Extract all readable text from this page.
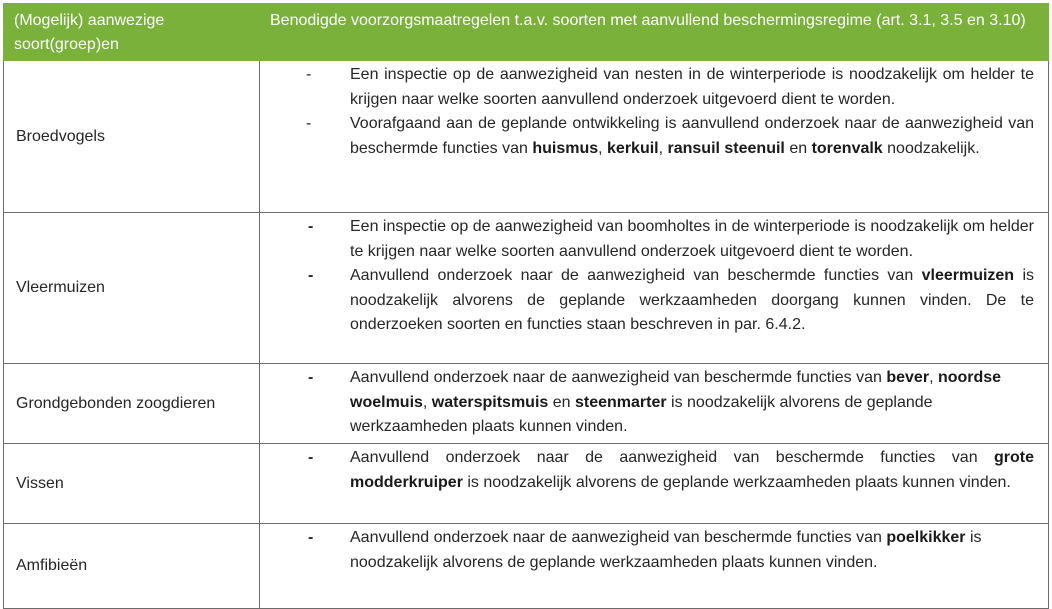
(Mogelijk) aanwezige soort(groep)en	Benodigde voorzorgsmaatregelen t.a.v. soorten met aanvullend beschermingsregime (art. 3.1, 3.5 en 3.10)
Broedvogels	- Een inspectie op de aanwezigheid van nesten in de winterperiode is noodzakelijk om helder te krijgen naar welke soorten aanvullend onderzoek uitgevoerd dient te worden.
- Voorafgaand aan de geplande ontwikkeling is aanvullend onderzoek naar de aanwezigheid van beschermde functies van huismus, kerkuil, ransuil steenuil en torenvalk noodzakelijk.

Vleermuizen	- Een inspectie op de aanwezigheid van boomholtes in de winterperiode is noodzakelijk om helder te krijgen naar welke soorten aanvullend onderzoek uitgevoerd dient te worden.
- Aanvullend onderzoek naar de aanwezigheid van beschermde functies van vleermuizen is noodzakelijk alvorens de geplande werkzaamheden doorgang kunnen vinden. De te onderzoeken soorten en functies staan beschreven in par. 6.4.2.

Grondgebonden zoogdieren	- Aanvullend onderzoek naar de aanwezigheid van beschermde functies van bever, noordse woelmuis, waterspitsmuis en steenmarter is noodzakelijk alvorens de geplande werkzaamheden plaats kunnen vinden.

Vissen	- Aanvullend onderzoek naar de aanwezigheid van beschermde functies van grote modderkruiper is noodzakelijk alvorens de geplande werkzaamheden plaats kunnen vinden.

Amfibieën	- Aanvullend onderzoek naar de aanwezigheid van beschermde functies van poelkikker is noodzakelijk alvorens de geplande werkzaamheden plaats kunnen vinden.
